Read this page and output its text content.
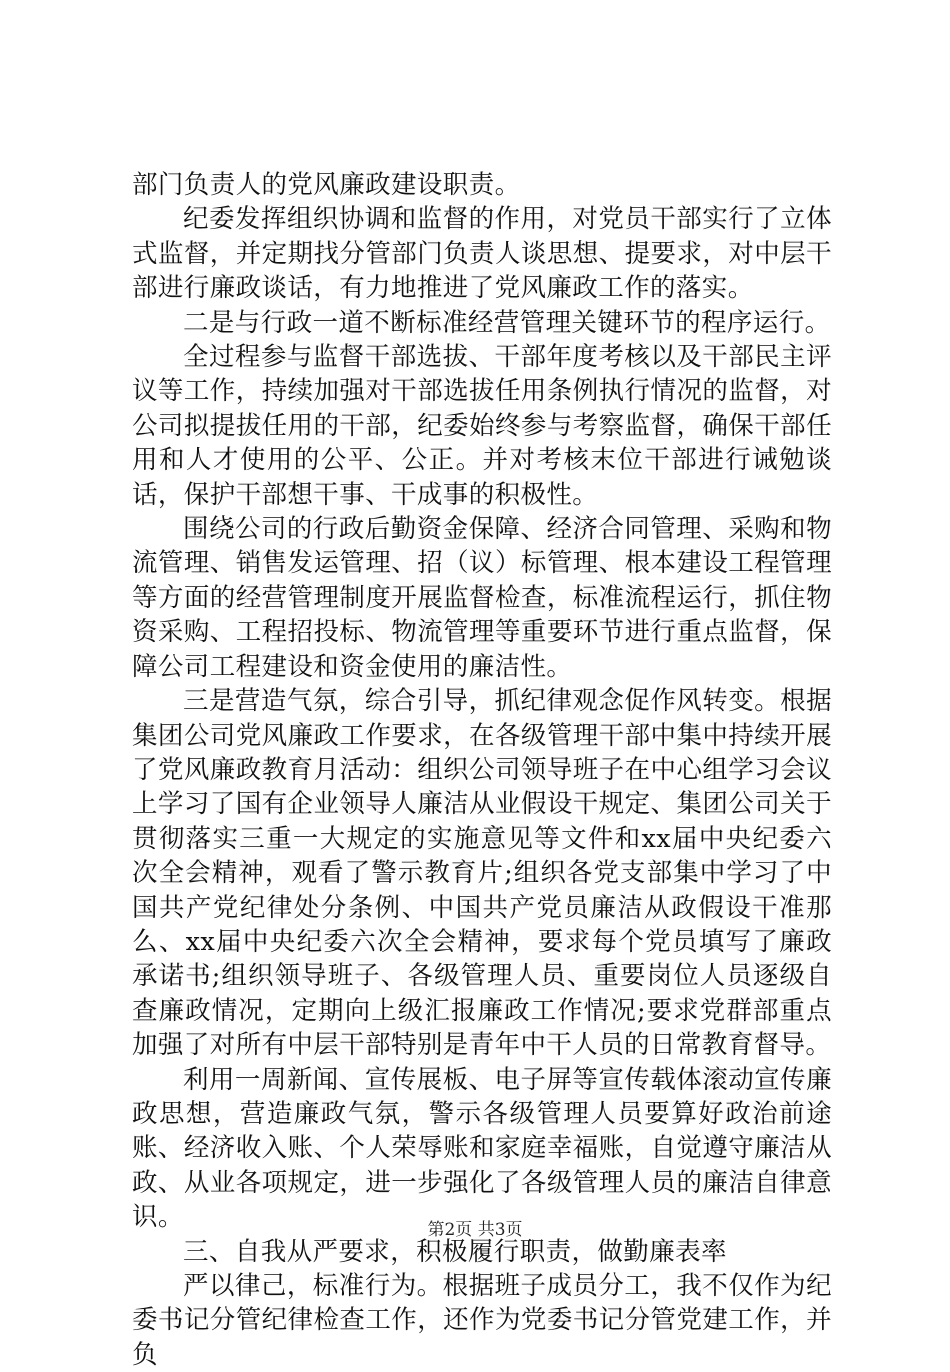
部门负责人的党风廉政建设职责。

纪委发挥组织协调和监督的作用，对党员干部实行了立体式监督，并定期找分管部门负责人谈思想、提要求，对中层干部进行廉政谈话，有力地推进了党风廉政工作的落实。

二是与行政一道不断标准经营管理关键环节的程序运行。

全过程参与监督干部选拔、干部年度考核以及干部民主评议等工作，持续加强对干部选拔任用条例执行情况的监督，对公司拟提拔任用的干部，纪委始终参与考察监督，确保干部任用和人才使用的公平、公正。并对考核末位干部进行诫勉谈话，保护干部想干事、干成事的积极性。

围绕公司的行政后勤资金保障、经济合同管理、采购和物流管理、销售发运管理、招（议）标管理、根本建设工程管理等方面的经营管理制度开展监督检查，标准流程运行，抓住物资采购、工程招投标、物流管理等重要环节进行重点监督，保障公司工程建设和资金使用的廉洁性。

三是营造气氛，综合引导，抓纪律观念促作风转变。根据集团公司党风廉政工作要求，在各级管理干部中集中持续开展了党风廉政教育月活动：组织公司领导班子在中心组学习会议上学习了国有企业领导人廉洁从业假设干规定、集团公司关于贯彻落实三重一大规定的实施意见等文件和xx届中央纪委六次全会精神，观看了警示教育片;组织各党支部集中学习了中国共产党纪律处分条例、中国共产党员廉洁从政假设干准那么、xx届中央纪委六次全会精神，要求每个党员填写了廉政承诺书;组织领导班子、各级管理人员、重要岗位人员逐级自查廉政情况，定期向上级汇报廉政工作情况;要求党群部重点加强了对所有中层干部特别是青年中干人员的日常教育督导。

利用一周新闻、宣传展板、电子屏等宣传载体滚动宣传廉政思想，营造廉政气氛，警示各级管理人员要算好政治前途账、经济收入账、个人荣辱账和家庭幸福账，自觉遵守廉洁从政、从业各项规定，进一步强化了各级管理人员的廉洁自律意识。

三、自我从严要求，积极履行职责，做勤廉表率

严以律己，标准行为。根据班子成员分工，我不仅作为纪委书记分管纪律检查工作，还作为党委书记分管党建工作，并负

第2页 共3页
